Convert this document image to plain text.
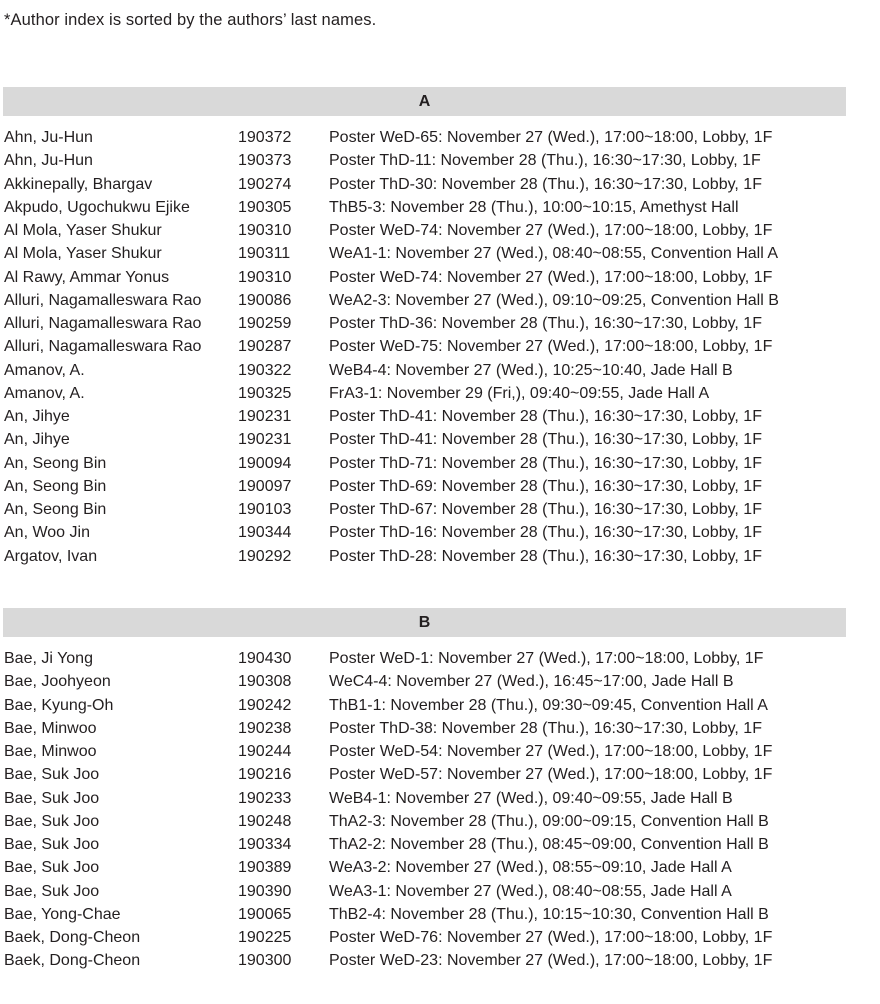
*Author index is sorted by the authors’ last names.
A
Ahn, Ju-Hun	190372 Poster WeD-65: November 27 (Wed.), 17:00~18:00, Lobby, 1F
Ahn, Ju-Hun	190373 Poster ThD-11: November 28 (Thu.), 16:30~17:30, Lobby, 1F
Akkinepally, Bhargav	190274 Poster ThD-30: November 28 (Thu.), 16:30~17:30, Lobby, 1F
Akpudo, Ugochukwu Ejike	190305 ThB5-3: November 28 (Thu.), 10:00~10:15, Amethyst Hall
Al Mola, Yaser Shukur	190310 Poster WeD-74: November 27 (Wed.), 17:00~18:00, Lobby, 1F
Al Mola, Yaser Shukur	190311 WeA1-1: November 27 (Wed.), 08:40~08:55, Convention Hall A
Al Rawy, Ammar Yonus	190310 Poster WeD-74: November 27 (Wed.), 17:00~18:00, Lobby, 1F
Alluri, Nagamalleswara Rao 190086 WeA2-3: November 27 (Wed.), 09:10~09:25, Convention Hall B
Alluri, Nagamalleswara Rao 190259 Poster ThD-36: November 28 (Thu.), 16:30~17:30, Lobby, 1F
Alluri, Nagamalleswara Rao 190287 Poster WeD-75: November 27 (Wed.), 17:00~18:00, Lobby, 1F
Amanov, A.	190322 WeB4-4: November 27 (Wed.), 10:25~10:40, Jade Hall B
Amanov, A.	190325 FrA3-1: November 29 (Fri,), 09:40~09:55, Jade Hall A
An, Jihye	190231 Poster ThD-41: November 28 (Thu.), 16:30~17:30, Lobby, 1F
An, Jihye	190231 Poster ThD-41: November 28 (Thu.), 16:30~17:30, Lobby, 1F
An, Seong Bin	190094 Poster ThD-71: November 28 (Thu.), 16:30~17:30, Lobby, 1F
An, Seong Bin	190097 Poster ThD-69: November 28 (Thu.), 16:30~17:30, Lobby, 1F
An, Seong Bin	190103 Poster ThD-67: November 28 (Thu.), 16:30~17:30, Lobby, 1F
An, Woo Jin	190344 Poster ThD-16: November 28 (Thu.), 16:30~17:30, Lobby, 1F
Argatov, Ivan	190292 Poster ThD-28: November 28 (Thu.), 16:30~17:30, Lobby, 1F
B
Bae, Ji Yong	190430 Poster WeD-1: November 27 (Wed.), 17:00~18:00, Lobby, 1F
Bae, Joohyeon	190308 WeC4-4: November 27 (Wed.), 16:45~17:00, Jade Hall B
Bae, Kyung-Oh	190242 ThB1-1: November 28 (Thu.), 09:30~09:45, Convention Hall A
Bae, Minwoo	190238 Poster ThD-38: November 28 (Thu.), 16:30~17:30, Lobby, 1F
Bae, Minwoo	190244 Poster WeD-54: November 27 (Wed.), 17:00~18:00, Lobby, 1F
Bae, Suk Joo	190216 Poster WeD-57: November 27 (Wed.), 17:00~18:00, Lobby, 1F
Bae, Suk Joo	190233 WeB4-1: November 27 (Wed.), 09:40~09:55, Jade Hall B
Bae, Suk Joo	190248 ThA2-3: November 28 (Thu.), 09:00~09:15, Convention Hall B
Bae, Suk Joo	190334 ThA2-2: November 28 (Thu.), 08:45~09:00, Convention Hall B
Bae, Suk Joo	190389 WeA3-2: November 27 (Wed.), 08:55~09:10, Jade Hall A
Bae, Suk Joo	190390 WeA3-1: November 27 (Wed.), 08:40~08:55, Jade Hall A
Bae, Yong-Chae	190065 ThB2-4: November 28 (Thu.), 10:15~10:30, Convention Hall B
Baek, Dong-Cheon	190225 Poster WeD-76: November 27 (Wed.), 17:00~18:00, Lobby, 1F
Baek, Dong-Cheon	190300 Poster WeD-23: November 27 (Wed.), 17:00~18:00, Lobby, 1F
